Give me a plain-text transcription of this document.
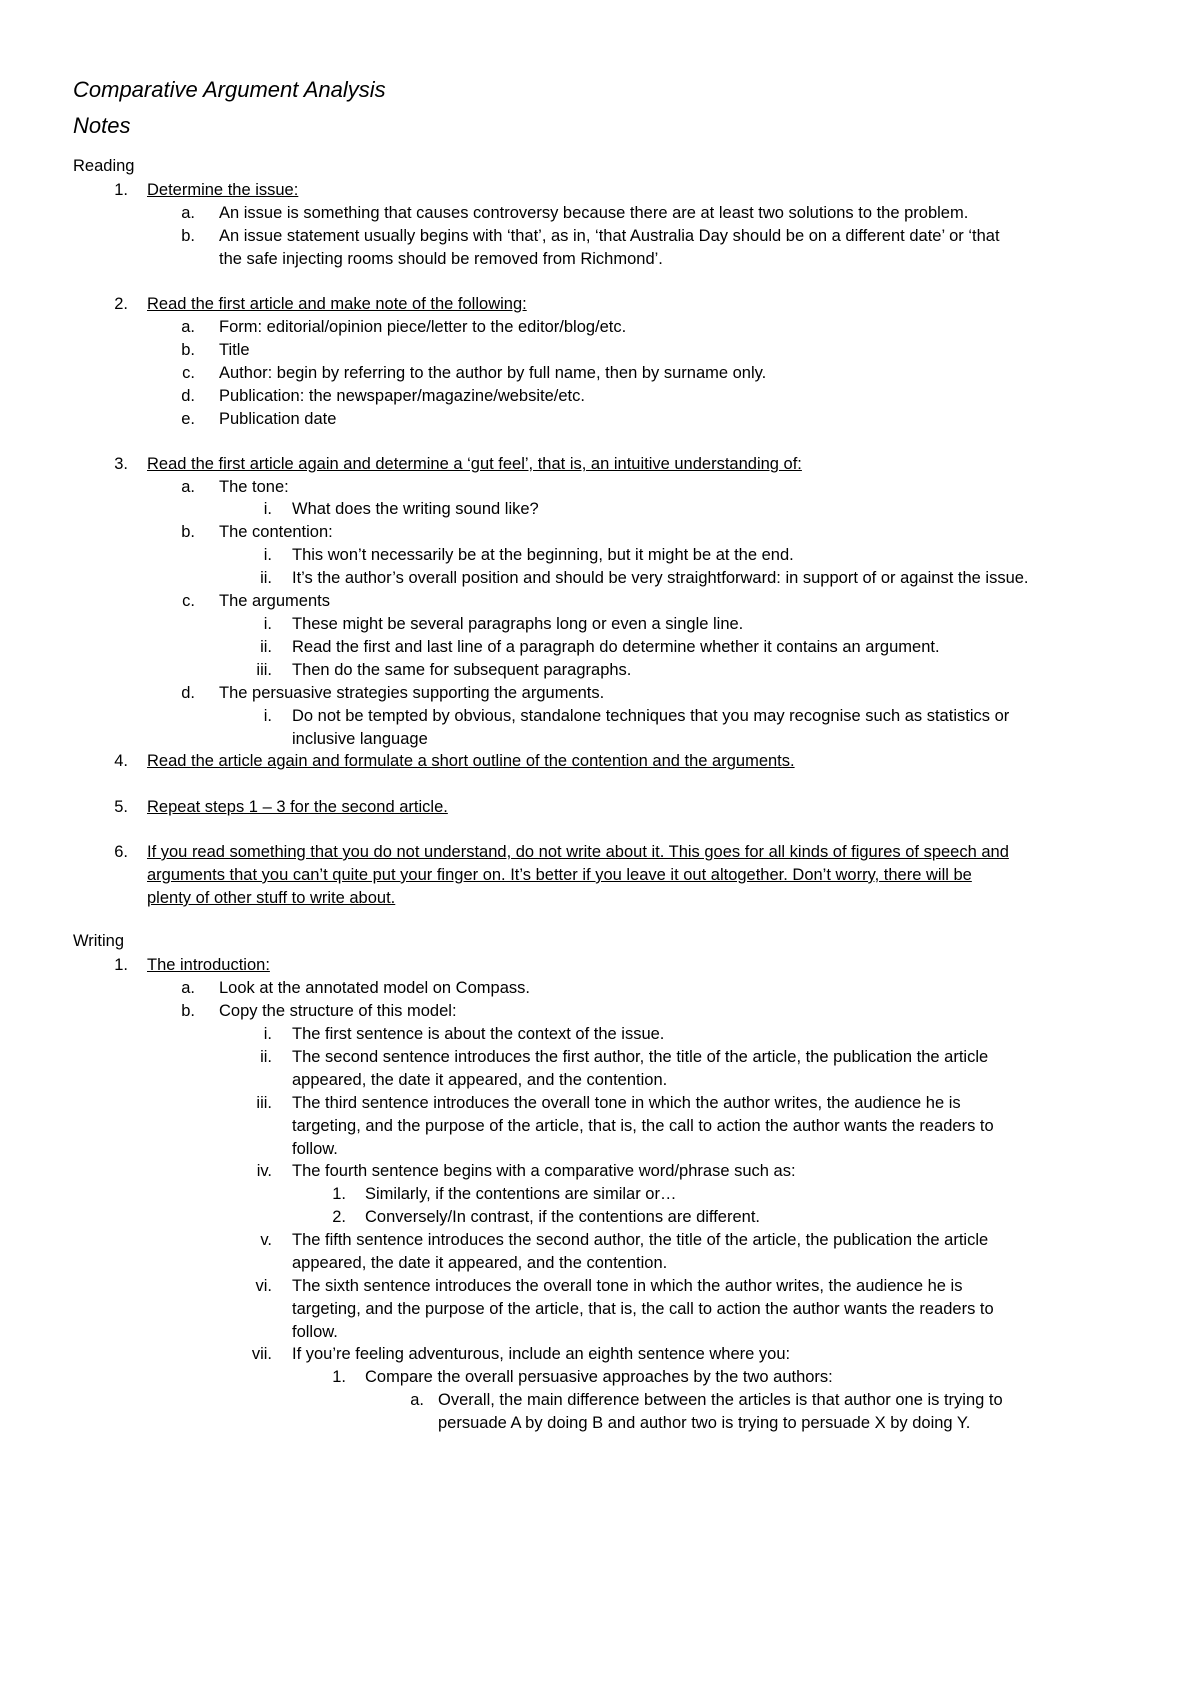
Comparative Argument Analysis
Notes
Reading
1. Determine the issue:
a. An issue is something that causes controversy because there are at least two solutions to the problem.
b. An issue statement usually begins with ‘that’, as in, ‘that Australia Day should be on a different date’ or ‘that
the safe injecting rooms should be removed from Richmond’.
2. Read the first article and make note of the following:
a. Form: editorial/opinion piece/letter to the editor/blog/etc.
b. Title
c. Author: begin by referring to the author by full name, then by surname only.
d. Publication: the newspaper/magazine/website/etc.
e. Publication date
3. Read the first article again and determine a ‘gut feel’, that is, an intuitive understanding of:
a. The tone:
i. What does the writing sound like?
b. The contention:
i. This won’t necessarily be at the beginning, but it might be at the end.
ii. It’s the author’s overall position and should be very straightforward: in support of or against the issue.
c. The arguments
i. These might be several paragraphs long or even a single line.
ii. Read the first and last line of a paragraph do determine whether it contains an argument.
iii. Then do the same for subsequent paragraphs.
d. The persuasive strategies supporting the arguments.
i. Do not be tempted by obvious, standalone techniques that you may recognise such as statistics or
inclusive language
4. Read the article again and formulate a short outline of the contention and the arguments.
5. Repeat steps 1 – 3 for the second article.
6. If you read something that you do not understand, do not write about it. This goes for all kinds of figures of speech and
arguments that you can’t quite put your finger on. It’s better if you leave it out altogether. Don’t worry, there will be
plenty of other stuff to write about.
Writing
1. The introduction:
a. Look at the annotated model on Compass.
b. Copy the structure of this model:
i. The first sentence is about the context of the issue.
ii. The second sentence introduces the first author, the title of the article, the publication the article
appeared, the date it appeared, and the contention.
iii. The third sentence introduces the overall tone in which the author writes, the audience he is
targeting, and the purpose of the article, that is, the call to action the author wants the readers to
follow.
iv. The fourth sentence begins with a comparative word/phrase such as:
1. Similarly, if the contentions are similar or…
2. Conversely/In contrast, if the contentions are different.
v. The fifth sentence introduces the second author, the title of the article, the publication the article
appeared, the date it appeared, and the contention.
vi. The sixth sentence introduces the overall tone in which the author writes, the audience he is
targeting, and the purpose of the article, that is, the call to action the author wants the readers to
follow.
vii. If you’re feeling adventurous, include an eighth sentence where you:
1. Compare the overall persuasive approaches by the two authors:
a. Overall, the main difference between the articles is that author one is trying to
persuade A by doing B and author two is trying to persuade X by doing Y.
